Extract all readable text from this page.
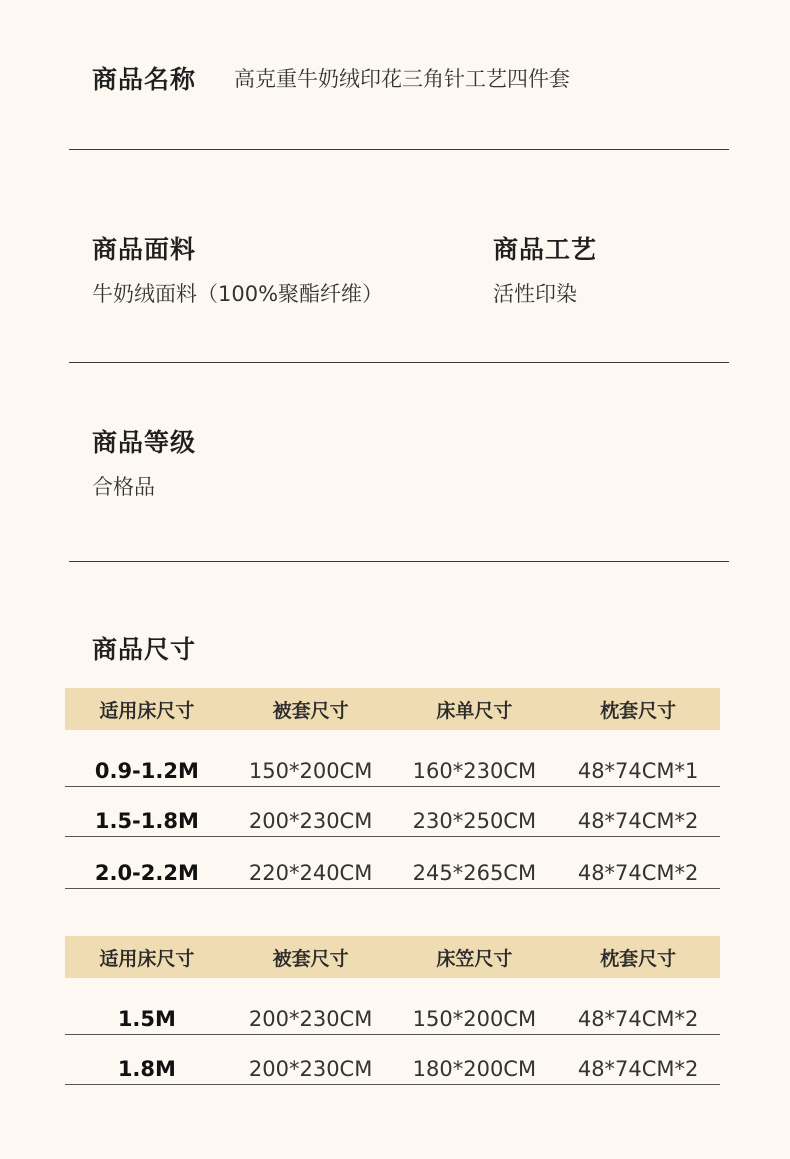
商品名称 高克重牛奶绒印花三角针工艺四件套
商品面料
牛奶绒面料（100%聚酯纤维）
商品工艺
活性印染
商品等级
合格品
商品尺寸
适用床尺寸	被套尺寸	床单尺寸	枕套尺寸
0.9-1.2M	150*200CM	160*230CM	48*74CM*1
1.5-1.8M	200*230CM	230*250CM	48*74CM*2
2.0-2.2M	220*240CM	245*265CM	48*74CM*2
适用床尺寸	被套尺寸	床笠尺寸	枕套尺寸
1.5M	200*230CM	150*200CM	48*74CM*2
1.8M	200*230CM	180*200CM	48*74CM*2
